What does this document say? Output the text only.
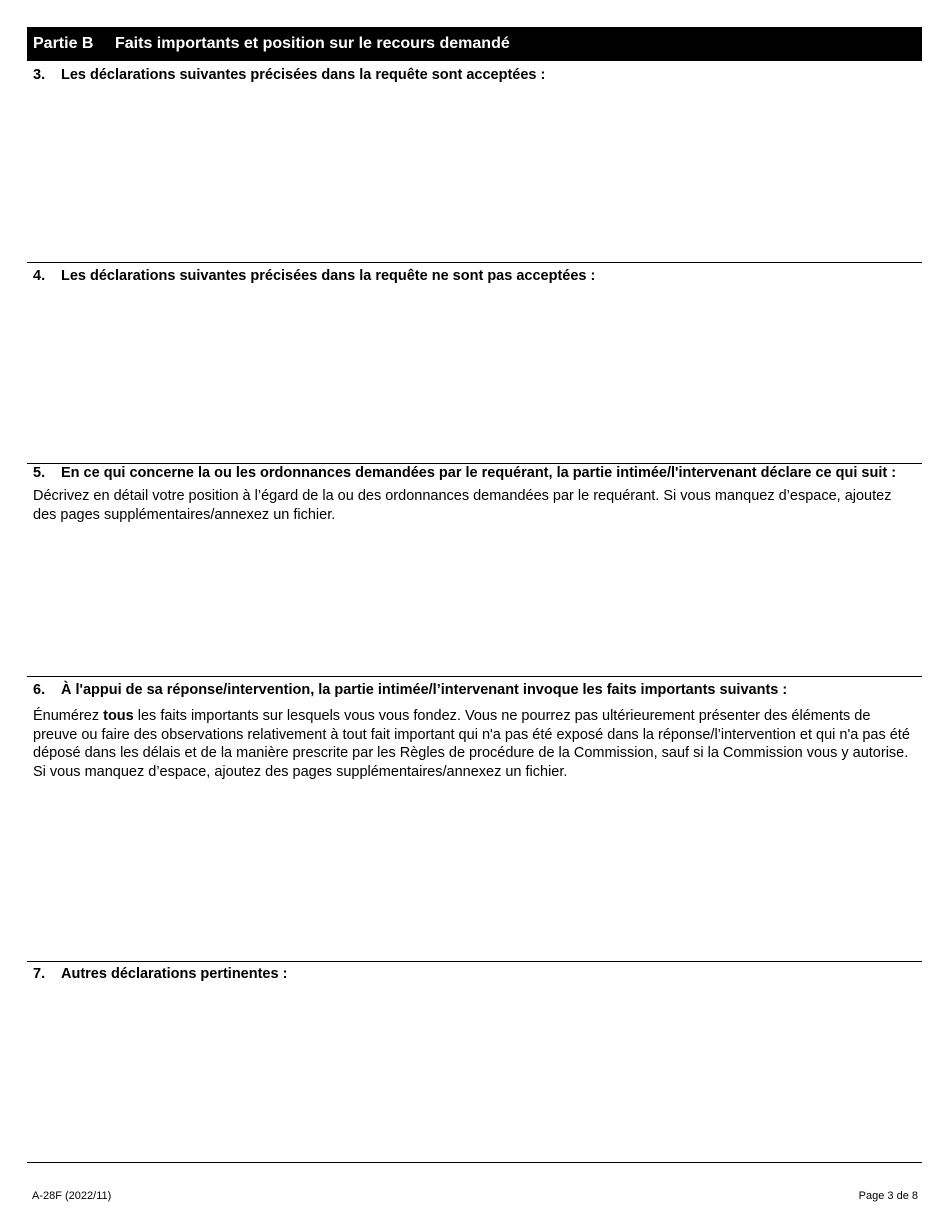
Partie B Faits importants et position sur le recours demandé

3. Les déclarations suivantes précisées dans la requête sont acceptées :

4. Les déclarations suivantes précisées dans la requête ne sont pas acceptées :

5. En ce qui concerne la ou les ordonnances demandées par le requérant, la partie intimée/l'intervenant déclare ce qui suit :

Décrivez en détail votre position à l’égard de la ou des ordonnances demandées par le requérant. Si vous manquez d’espace, ajoutez des pages supplémentaires/annexez un fichier.

6. À l'appui de sa réponse/intervention, la partie intimée/l’intervenant invoque les faits importants suivants :

Énumérez tous les faits importants sur lesquels vous vous fondez. Vous ne pourrez pas ultérieurement présenter des éléments de preuve ou faire des observations relativement à tout fait important qui n'a pas été exposé dans la réponse/l’intervention et qui n'a pas été déposé dans les délais et de la manière prescrite par les Règles de procédure de la Commission, sauf si la Commission vous y autorise. Si vous manquez d’espace, ajoutez des pages supplémentaires/annexez un fichier.

7. Autres déclarations pertinentes :

A-28F (2022/11)	Page 3 de 8
